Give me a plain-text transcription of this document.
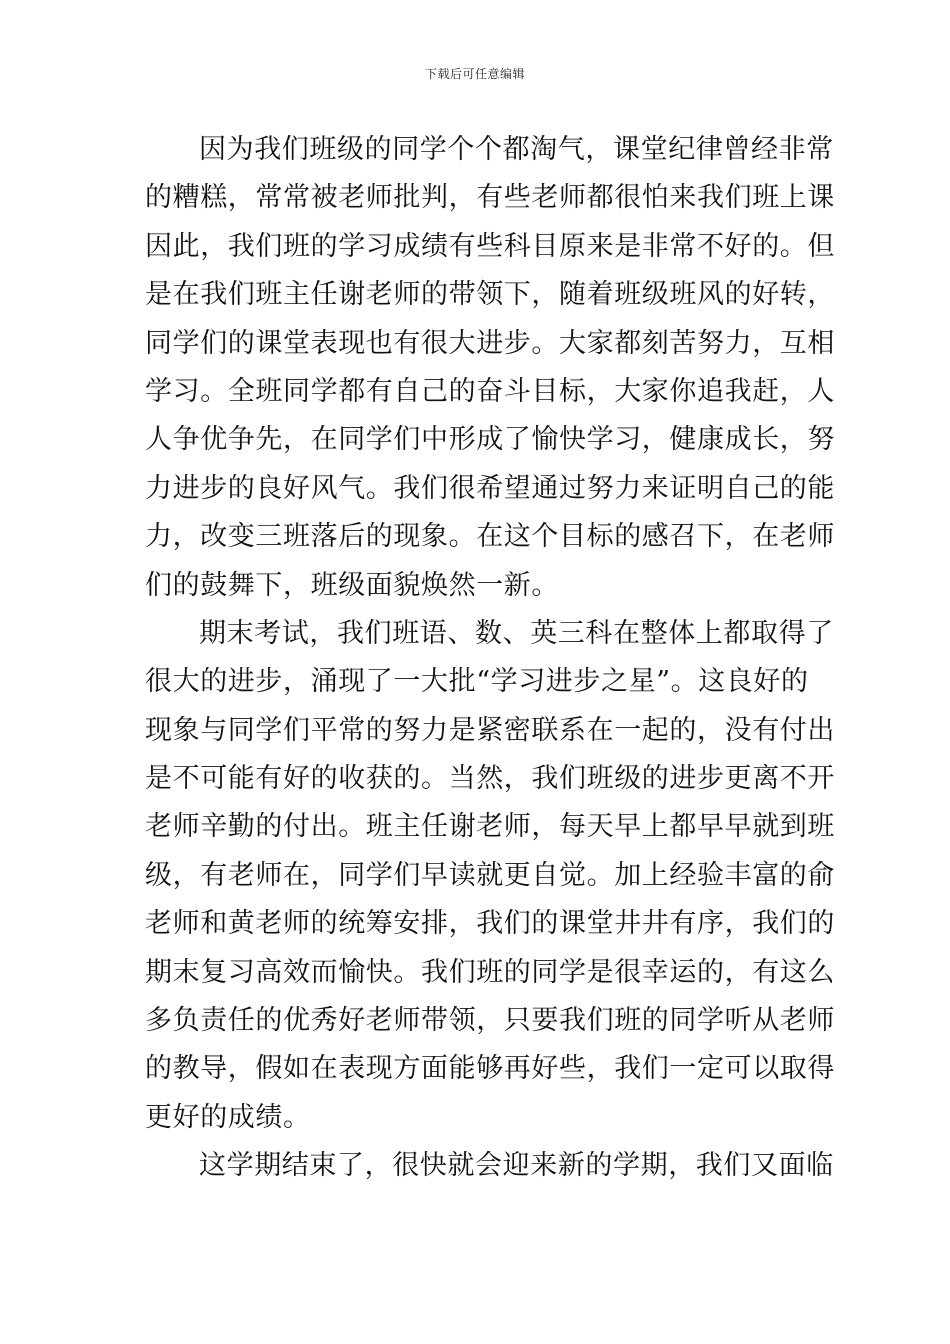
下载后可任意编辑
因为我们班级的同学个个都淘气，课堂纪律曾经非常
的糟糕，常常被老师批判，有些老师都很怕来我们班上课
因此，我们班的学习成绩有些科目原来是非常不好的。但
是在我们班主任谢老师的带领下，随着班级班风的好转，
同学们的课堂表现也有很大进步。大家都刻苦努力，互相
学习。全班同学都有自己的奋斗目标，大家你追我赶，人
人争优争先，在同学们中形成了愉快学习，健康成长，努
力进步的良好风气。我们很希望通过努力来证明自己的能
力，改变三班落后的现象。在这个目标的感召下，在老师
们的鼓舞下，班级面貌焕然一新。
期末考试，我们班语、数、英三科在整体上都取得了
很大的进步，涌现了一大批“学习进步之星”。这良好的
现象与同学们平常的努力是紧密联系在一起的，没有付出
是不可能有好的收获的。当然，我们班级的进步更离不开
老师辛勤的付出。班主任谢老师，每天早上都早早就到班
级，有老师在，同学们早读就更自觉。加上经验丰富的俞
老师和黄老师的统筹安排，我们的课堂井井有序，我们的
期末复习高效而愉快。我们班的同学是很幸运的，有这么
多负责任的优秀好老师带领，只要我们班的同学听从老师
的教导，假如在表现方面能够再好些，我们一定可以取得
更好的成绩。
这学期结束了，很快就会迎来新的学期，我们又面临
